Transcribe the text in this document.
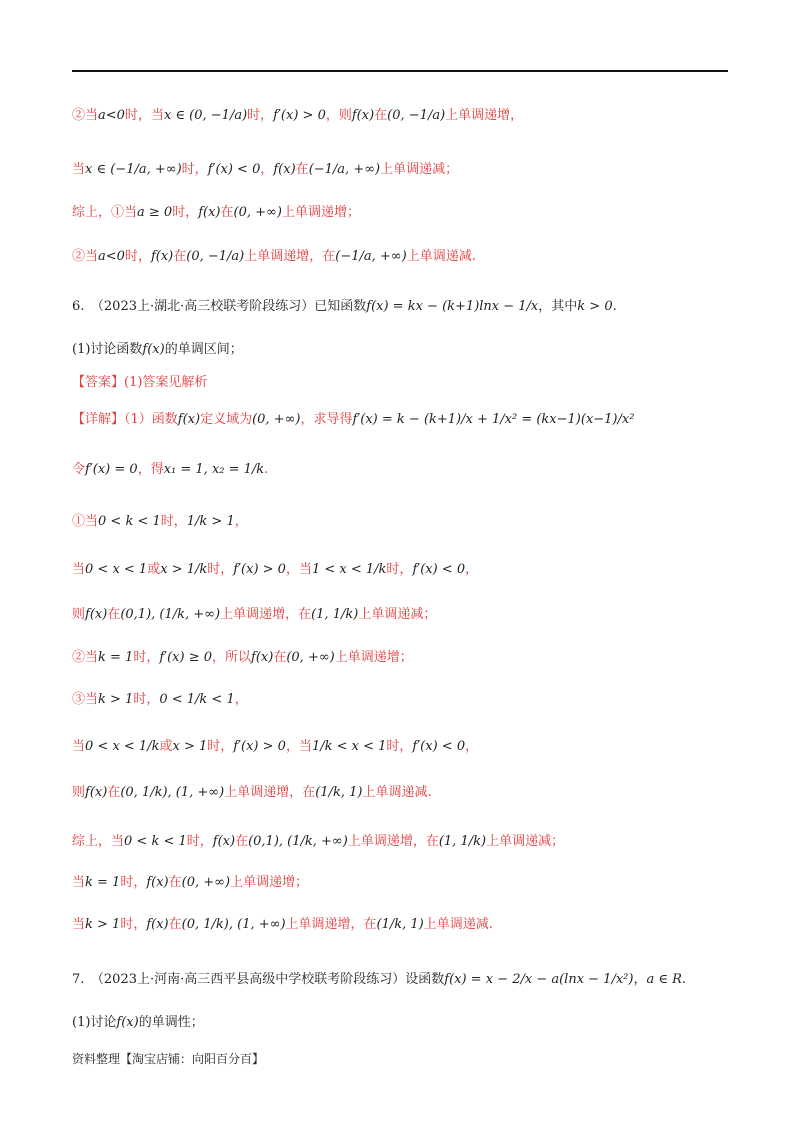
②当a<0时，当x ∈ (0, −1/a)时，f′(x) > 0，则f(x)在(0, −1/a)上单调递增，
当x ∈ (−1/a, +∞)时，f′(x) < 0，f(x)在(−1/a, +∞)上单调递减；
综上，①当a ≥ 0时，f(x)在(0, +∞)上单调递增；
②当a<0时，f(x)在(0, −1/a)上单调递增，在(−1/a, +∞)上单调递减.
6.　（2023上·湖北·高三校联考阶段练习）已知函数f(x) = kx − (k+1)lnx − 1/x，其中k > 0.
(1)讨论函数f(x)的单调区间；
【答案】(1)答案见解析
【详解】（1）函数f(x)定义域为(0, +∞)，求导得f′(x) = k − (k+1)/x + 1/x² = (kx−1)(x−1)/x²
令f′(x) = 0，得x₁ = 1, x₂ = 1/k.
①当0 < k < 1时，1/k > 1，
当0 < x < 1或x > 1/k时，f′(x) > 0，当1 < x < 1/k时，f′(x) < 0，
则f(x)在(0,1), (1/k, +∞)上单调递增，在(1, 1/k)上单调递减；
②当k = 1时，f′(x) ≥ 0，所以f(x)在(0, +∞)上单调递增；
③当k > 1时，0 < 1/k < 1，
当0 < x < 1/k或x > 1时，f′(x) > 0，当1/k < x < 1时，f′(x) < 0，
则f(x)在(0, 1/k), (1, +∞)上单调递增，在(1/k, 1)上单调递减.
综上，当0 < k < 1时，f(x)在(0,1), (1/k, +∞)上单调递增，在(1, 1/k)上单调递减；
当k = 1时，f(x)在(0, +∞)上单调递增；
当k > 1时，f(x)在(0, 1/k), (1, +∞)上单调递增，在(1/k, 1)上单调递减.
7.　（2023上·河南·高三西平县高级中学校联考阶段练习）设函数f(x) = x − 2/x − a(lnx − 1/x²)，a ∈ R.
(1)讨论f(x)的单调性；
资料整理【淘宝店铺：向阳百分百】
